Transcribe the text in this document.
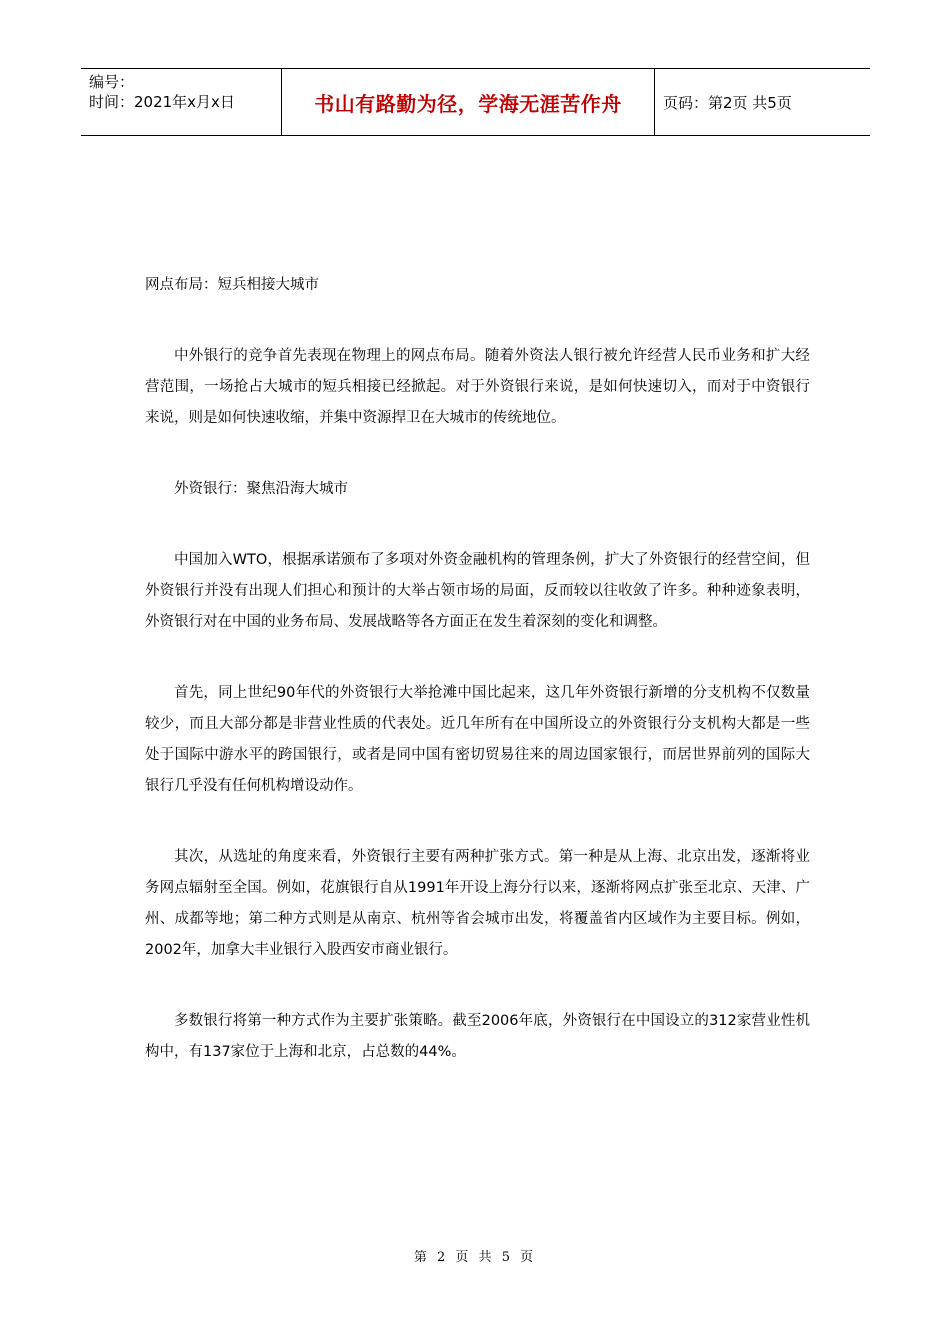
编号：
时间：2021年x月x日	书山有路勤为径，学海无涯苦作舟	页码：第2页 共5页
网点布局：短兵相接大城市
中外银行的竞争首先表现在物理上的网点布局。随着外资法人银行被允许经营人民币业务和扩大经营范围，一场抢占大城市的短兵相接已经掀起。对于外资银行来说，是如何快速切入，而对于中资银行来说，则是如何快速收缩，并集中资源捍卫在大城市的传统地位。
外资银行：聚焦沿海大城市
中国加入WTO，根据承诺颁布了多项对外资金融机构的管理条例，扩大了外资银行的经营空间，但外资银行并没有出现人们担心和预计的大举占领市场的局面，反而较以往收敛了许多。种种迹象表明，外资银行对在中国的业务布局、发展战略等各方面正在发生着深刻的变化和调整。
首先，同上世纪90年代的外资银行大举抢滩中国比起来，这几年外资银行新增的分支机构不仅数量较少，而且大部分都是非营业性质的代表处。近几年所有在中国所设立的外资银行分支机构大都是一些处于国际中游水平的跨国银行，或者是同中国有密切贸易往来的周边国家银行，而居世界前列的国际大银行几乎没有任何机构增设动作。
其次，从选址的角度来看，外资银行主要有两种扩张方式。第一种是从上海、北京出发，逐渐将业务网点辐射至全国。例如，花旗银行自从1991年开设上海分行以来，逐渐将网点扩张至北京、天津、广州、成都等地；第二种方式则是从南京、杭州等省会城市出发，将覆盖省内区域作为主要目标。例如，2002年，加拿大丰业银行入股西安市商业银行。
多数银行将第一种方式作为主要扩张策略。截至2006年底，外资银行在中国设立的312家营业性机构中，有137家位于上海和北京，占总数的44%。
第 2 页 共 5 页
